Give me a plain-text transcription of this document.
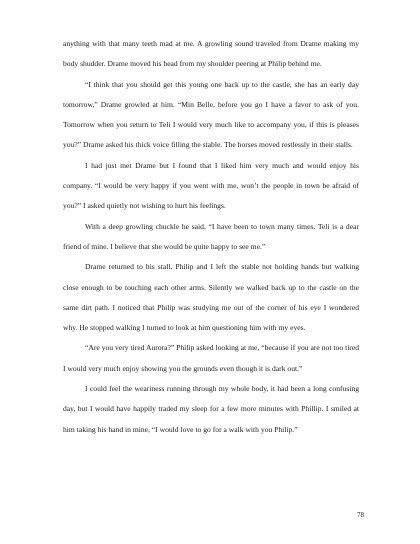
anything with that many teeth mad at me. A growling sound traveled from Drame making my body shudder. Drame moved his head from my shoulder peering at Philip behind me.

“I think that you should get this young one back up to the castle, she has an early day tomorrow,” Drame growled at him. “Min Belle, before you go I have a favor to ask of you. Tomorrow when you return to Teli I would very much like to accompany you, if this is pleases you?” Drame asked his thick voice filling the stable. The horses moved restlessly in their stalls.

I had just met Drame but I found that I liked him very much and would enjoy his company. “I would be very happy if you went with me, won’t the people in town be afraid of you?” I asked quietly not wishing to hurt his feelings.

With a deep growling chuckle he said, “I have been to town many times. Teli is a dear friend of mine. I believe that she would be quite happy to see me.”

Drame returned to his stall, Philip and I left the stable not holding hands but walking close enough to be touching each other arms. Silently we walked back up to the castle on the same dirt path. I noticed that Philip was studying me out of the corner of his eye I wondered why. He stopped walking I turned to look at him questioning him with my eyes.

“Are you very tired Aurora?” Philip asked looking at me, “because if you are not too tired I would very much enjoy showing you the grounds even though it is dark out.”

I could feel the weariness running through my whole body, it had been a long confusing day, but I would have happily traded my sleep for a few more minutes with Phillip. I smiled at him taking his hand in mine, “I would love to go for a walk with you Philip.”

78
